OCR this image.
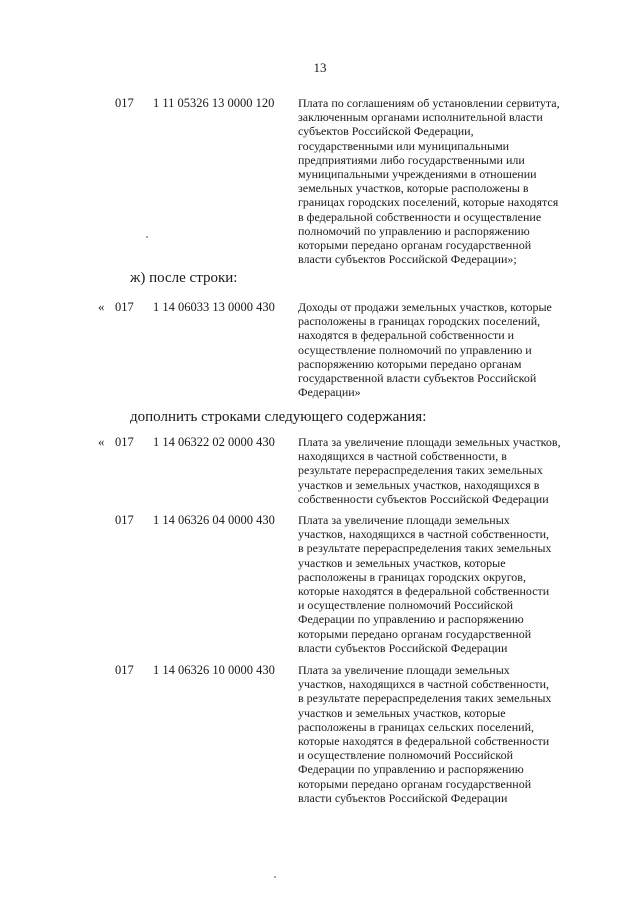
13
017 1 11 05326 13 0000 120 Плата по соглашениям об установлении сервитута,
заключенным органами исполнительной власти
субъектов Российской Федерации,
государственными или муниципальными
предприятиями либо государственными или
муниципальными учреждениями в отношении
земельных участков, которые расположены в
границах городских поселений, которые находятся
в федеральной собственности и осуществление
полномочий по управлению и распоряжению
которыми передано органам государственной
власти субъектов Российской Федерации»;
ж) после строки:
« 017 1 14 06033 13 0000 430 Доходы от продажи земельных участков, которые
расположены в границах городских поселений,
находятся в федеральной собственности и
осуществление полномочий по управлению и
распоряжению которыми передано органам
государственной власти субъектов Российской
Федерации»
дополнить строками следующего содержания:
« 017 1 14 06322 02 0000 430 Плата за увеличение площади земельных участков,
находящихся в частной собственности, в
результате перераспределения таких земельных
участков и земельных участков, находящихся в
собственности субъектов Российской Федерации
017 1 14 06326 04 0000 430 Плата за увеличение площади земельных
участков, находящихся в частной собственности,
в результате перераспределения таких земельных
участков и земельных участков, которые
расположены в границах городских округов,
которые находятся в федеральной собственности
и осуществление полномочий Российской
Федерации по управлению и распоряжению
которыми передано органам государственной
власти субъектов Российской Федерации
017 1 14 06326 10 0000 430 Плата за увеличение площади земельных
участков, находящихся в частной собственности,
в результате перераспределения таких земельных
участков и земельных участков, которые
расположены в границах сельских поселений,
которые находятся в федеральной собственности
и осуществление полномочий Российской
Федерации по управлению и распоряжению
которыми передано органам государственной
власти субъектов Российской Федерации
